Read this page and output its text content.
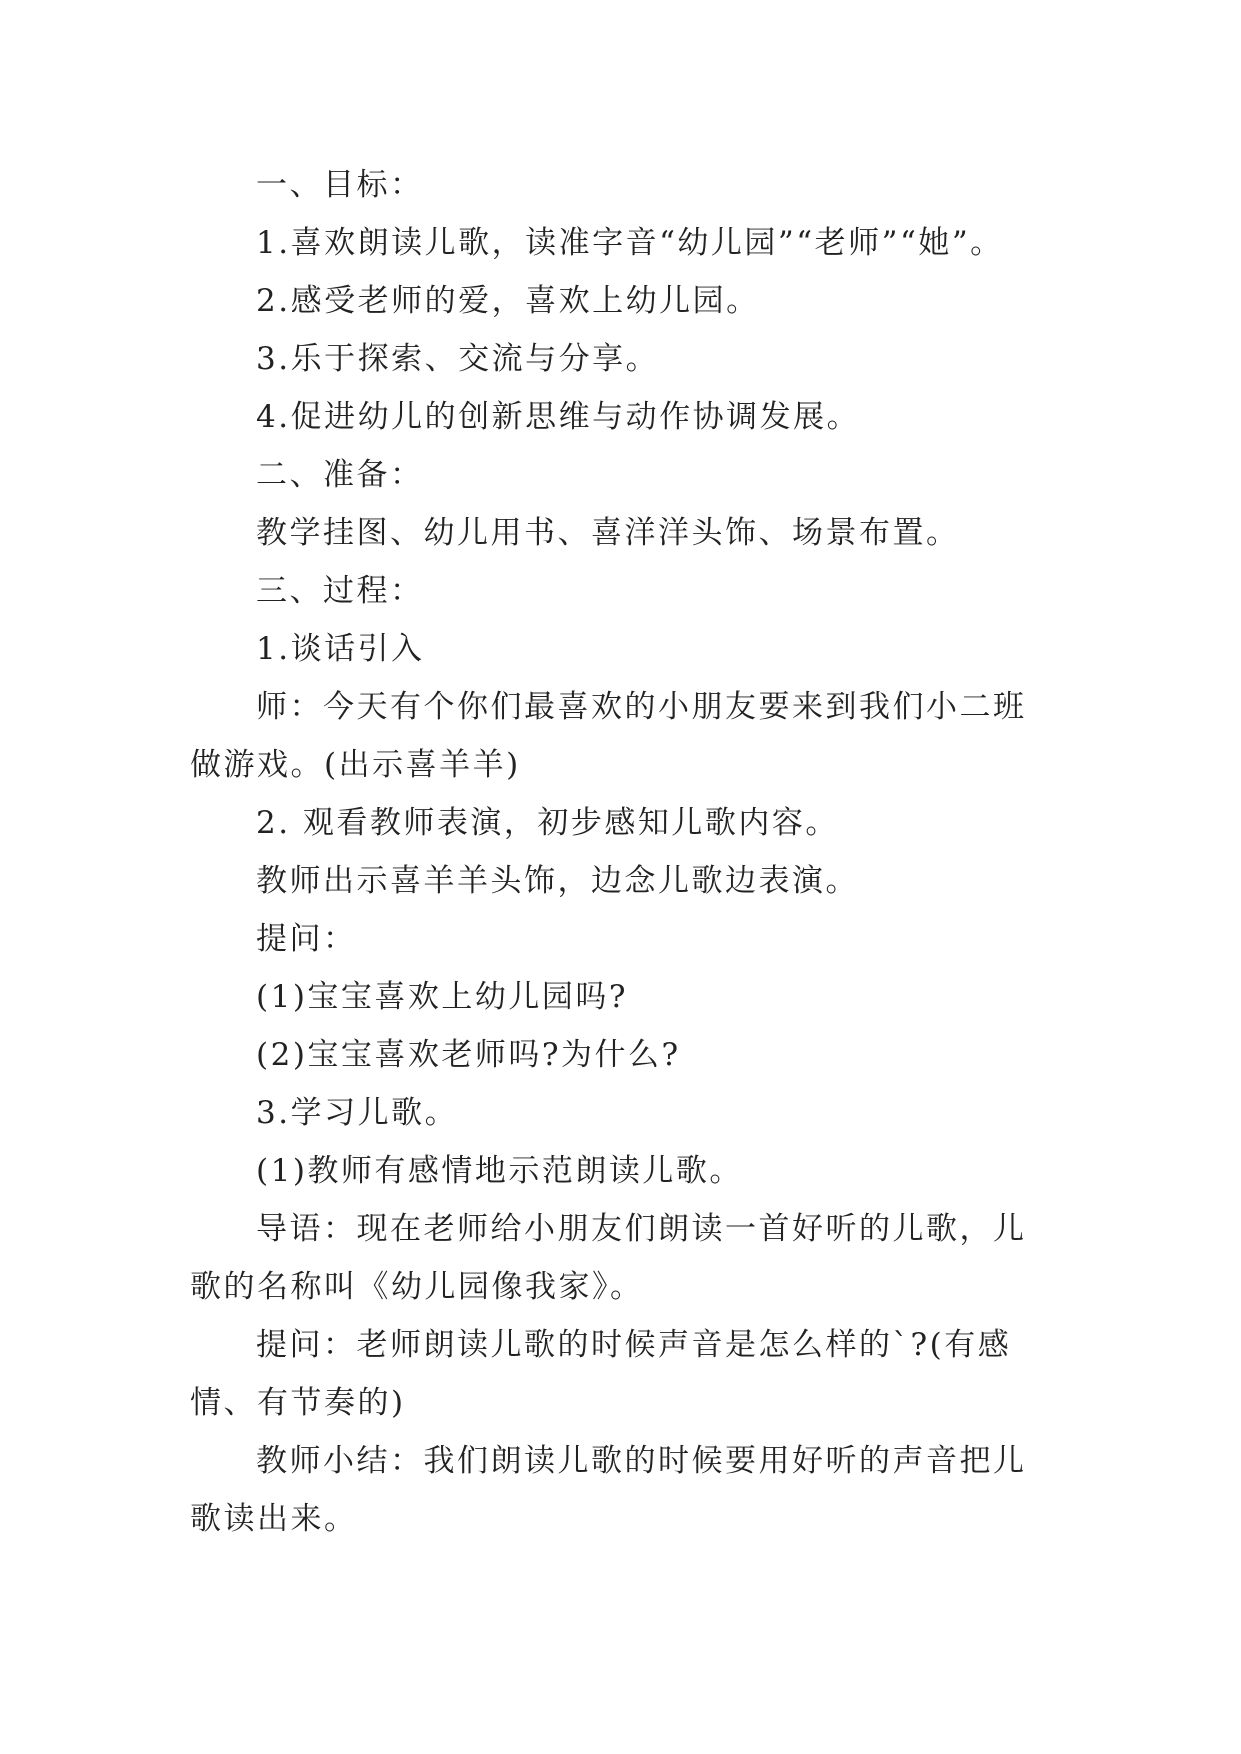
一、目标：

1.喜欢朗读儿歌，读准字音“幼儿园”“老师”“她”。

2.感受老师的爱，喜欢上幼儿园。

3.乐于探索、交流与分享。

4.促进幼儿的创新思维与动作协调发展。

二、准备：

教学挂图、幼儿用书、喜洋洋头饰、场景布置。

三、过程：

1.谈话引入

师：今天有个你们最喜欢的小朋友要来到我们小二班做游戏。(出示喜羊羊)

2. 观看教师表演，初步感知儿歌内容。

教师出示喜羊羊头饰，边念儿歌边表演。

提问：

(1)宝宝喜欢上幼儿园吗?

(2)宝宝喜欢老师吗?为什么?

3.学习儿歌。

(1)教师有感情地示范朗读儿歌。

导语：现在老师给小朋友们朗读一首好听的儿歌，儿歌的名称叫《幼儿园像我家》。

提问：老师朗读儿歌的时候声音是怎么样的`?(有感情、有节奏的)

教师小结：我们朗读儿歌的时候要用好听的声音把儿歌读出来。
